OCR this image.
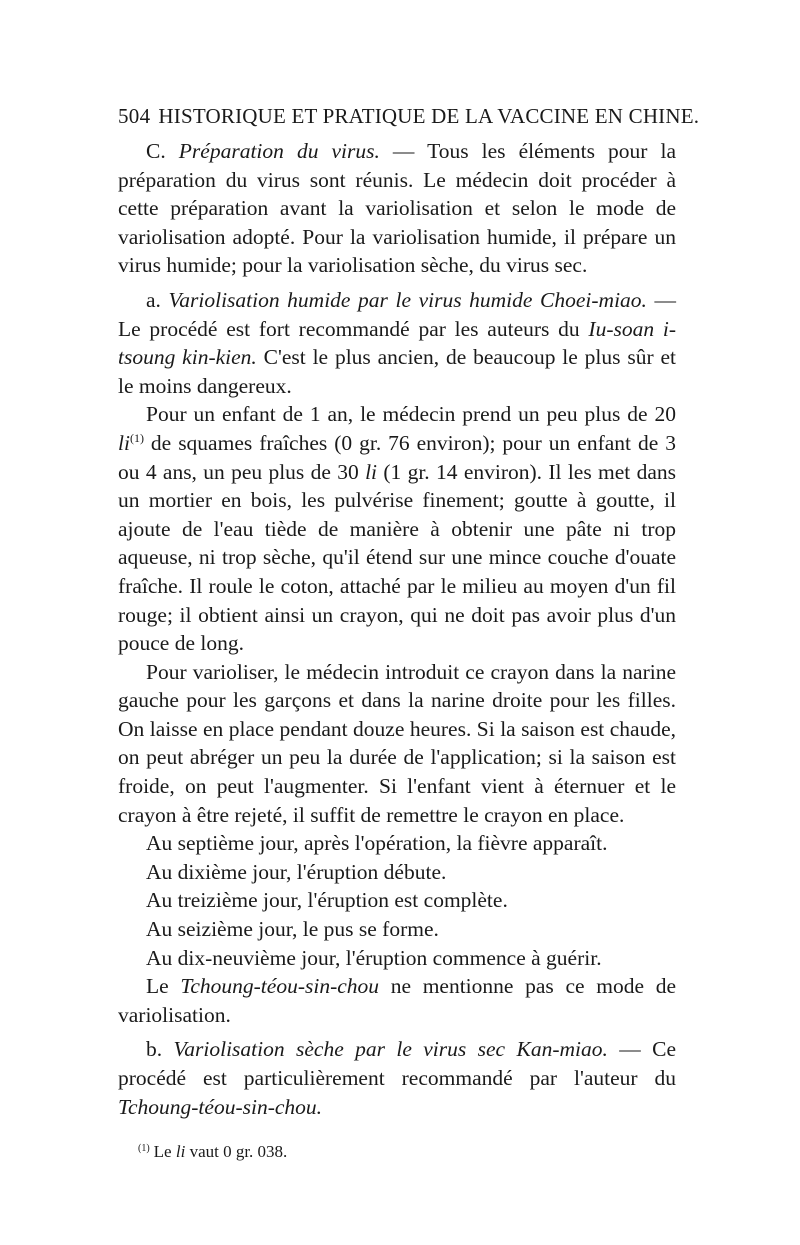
504 HISTORIQUE ET PRATIQUE DE LA VACCINE EN CHINE.

C. Préparation du virus. — Tous les éléments pour la préparation du virus sont réunis. Le médecin doit procéder à cette préparation avant la variolisation et selon le mode de variolisation adopté. Pour la variolisation humide, il prépare un virus humide; pour la variolisation sèche, du virus sec.

a. Variolisation humide par le virus humide Choei-miao. — Le procédé est fort recommandé par les auteurs du Iu-soan i-tsoung kin-kien. C'est le plus ancien, de beaucoup le plus sûr et le moins dangereux.

Pour un enfant de 1 an, le médecin prend un peu plus de 20 $li^{(1)}$ de squames fraîches (0 gr. 76 environ); pour un enfant de 3 ou 4 ans, un peu plus de 30 li (1 gr. 14 environ). Il les met dans un mortier en bois, les pulvérise finement; goutte à goutte, il ajoute de l'eau tiède de manière à obtenir une pâte ni trop aqueuse, ni trop sèche, qu'il étend sur une mince couche d'ouate fraîche. Il roule le coton, attaché par le milieu au moyen d'un fil rouge; il obtient ainsi un crayon, qui ne doit pas avoir plus d'un pouce de long.

Pour varioliser, le médecin introduit ce crayon dans la narine gauche pour les garçons et dans la narine droite pour les filles. On laisse en place pendant douze heures. Si la saison est chaude, on peut abréger un peu la durée de l'application; si la saison est froide, on peut l'augmenter. Si l'enfant vient à éternuer et le crayon à être rejeté, il suffit de remettre le crayon en place.

Au septième jour, après l'opération, la fièvre apparaît.

Au dixième jour, l'éruption débute.

Au treizième jour, l'éruption est complète.

Au seizième jour, le pus se forme.

Au dix-neuvième jour, l'éruption commence à guérir.

Le Tchoung-téou-sin-chou ne mentionne pas ce mode de variolisation.

b. Variolisation sèche par le virus sec Kan-miao. — Ce procédé est particulièrement recommandé par l'auteur du Tchoung-téou-sin-chou.

$^{(1)}$ Le li vaut 0 gr. 038.
